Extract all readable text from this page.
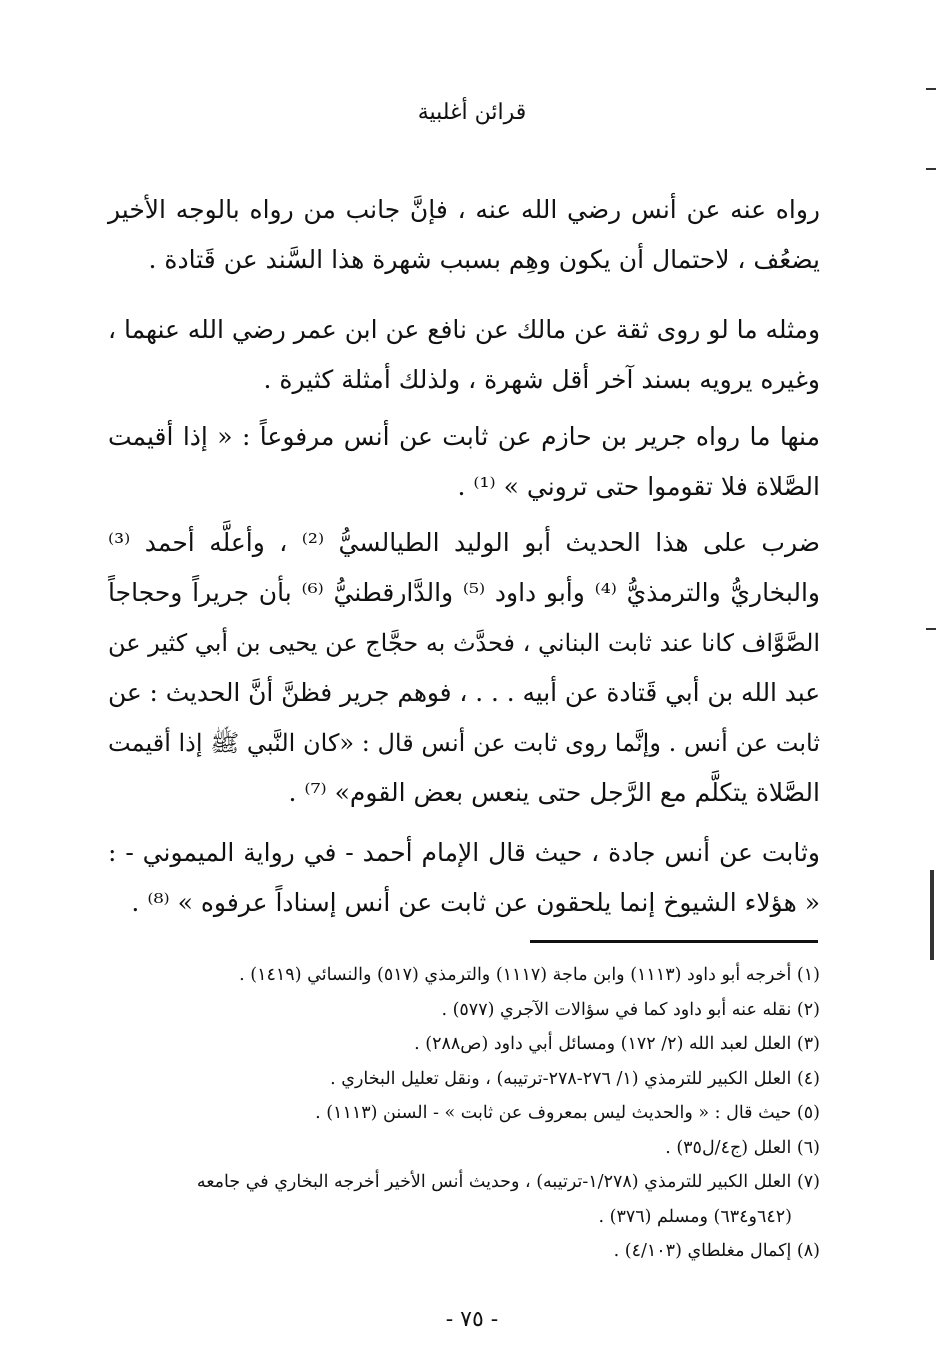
قرائن أغلبية
رواه عنه عن أنس رضي الله عنه ، فإنَّ جانب من رواه بالوجه الأخير
يضعُف ، لاحتمال أن يكون وهِم بسبب شهرة هذا السَّند عن قَتادة .
ومثله ما لو روى ثقة عن مالك عن نافع عن ابن عمر رضي الله عنهما ،
وغيره يرويه بسند آخر أقل شهرة ، ولذلك أمثلة كثيرة .
منها ما رواه جرير بن حازم عن ثابت عن أنس مرفوعاً : « إذا أقيمت
الصَّلاة فلا تقوموا حتى تروني » ⁽¹⁾ .
ضرب على هذا الحديث أبو الوليد الطيالسيُّ ⁽²⁾ ، وأعلَّه أحمد ⁽³⁾
والبخاريُّ والترمذيُّ ⁽⁴⁾ وأبو داود ⁽⁵⁾ والدَّارقطنيُّ ⁽⁶⁾ بأن جريراً وحجاجاً
الصَّوَّاف كانا عند ثابت البناني ، فحدَّث به حجَّاج عن يحيى بن أبي كثير عن
عبد الله بن أبي قَتادة عن أبيه . . . ، فوهم جرير فظنَّ أنَّ الحديث : عن
ثابت عن أنس . وإنَّما روى ثابت عن أنس قال : «كان النَّبي ﷺ إذا أقيمت
الصَّلاة يتكلَّم مع الرَّجل حتى ينعس بعض القوم» ⁽⁷⁾ .
وثابت عن أنس جادة ، حيث قال الإمام أحمد - في رواية الميموني - :
« هؤلاء الشيوخ إنما يلحقون عن ثابت عن أنس إسناداً عرفوه » ⁽⁸⁾ .
(١) أخرجه أبو داود (١١١٣) وابن ماجة (١١١٧) والترمذي (٥١٧) والنسائي (١٤١٩) .
(٢) نقله عنه أبو داود كما في سؤالات الآجري (٥٧٧) .
(٣) العلل لعبد الله (٢/ ١٧٢) ومسائل أبي داود (ص٢٨٨) .
(٤) العلل الكبير للترمذي (١/ ٢٧٦-٢٧٨-ترتيبه) ، ونقل تعليل البخاري .
(٥) حيث قال : « والحديث ليس بمعروف عن ثابت » - السنن (١١١٣) .
(٦) العلل (ج٤/ل٣٥) .
(٧) العلل الكبير للترمذي (١/٢٧٨-ترتيبه) ، وحديث أنس الأخير أخرجه البخاري في جامعه
(٦٤٢و٦٣٤) ومسلم (٣٧٦) .
(٨) إكمال مغلطاي (٤/١٠٣) .
- ٧٥ -
